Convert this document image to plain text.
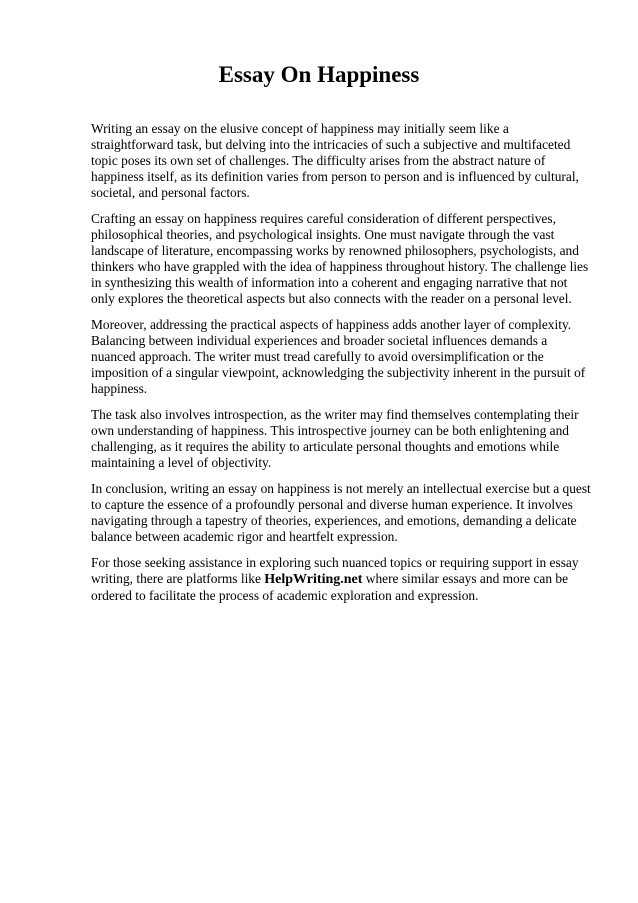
Essay On Happiness

Writing an essay on the elusive concept of happiness may initially seem like a straightforward task, but delving into the intricacies of such a subjective and multifaceted topic poses its own set of challenges. The difficulty arises from the abstract nature of happiness itself, as its definition varies from person to person and is influenced by cultural, societal, and personal factors.

Crafting an essay on happiness requires careful consideration of different perspectives, philosophical theories, and psychological insights. One must navigate through the vast landscape of literature, encompassing works by renowned philosophers, psychologists, and thinkers who have grappled with the idea of happiness throughout history. The challenge lies in synthesizing this wealth of information into a coherent and engaging narrative that not only explores the theoretical aspects but also connects with the reader on a personal level.

Moreover, addressing the practical aspects of happiness adds another layer of complexity. Balancing between individual experiences and broader societal influences demands a nuanced approach. The writer must tread carefully to avoid oversimplification or the imposition of a singular viewpoint, acknowledging the subjectivity inherent in the pursuit of happiness.

The task also involves introspection, as the writer may find themselves contemplating their own understanding of happiness. This introspective journey can be both enlightening and challenging, as it requires the ability to articulate personal thoughts and emotions while maintaining a level of objectivity.

In conclusion, writing an essay on happiness is not merely an intellectual exercise but a quest to capture the essence of a profoundly personal and diverse human experience. It involves navigating through a tapestry of theories, experiences, and emotions, demanding a delicate balance between academic rigor and heartfelt expression.

For those seeking assistance in exploring such nuanced topics or requiring support in essay writing, there are platforms like HelpWriting.net where similar essays and more can be ordered to facilitate the process of academic exploration and expression.
